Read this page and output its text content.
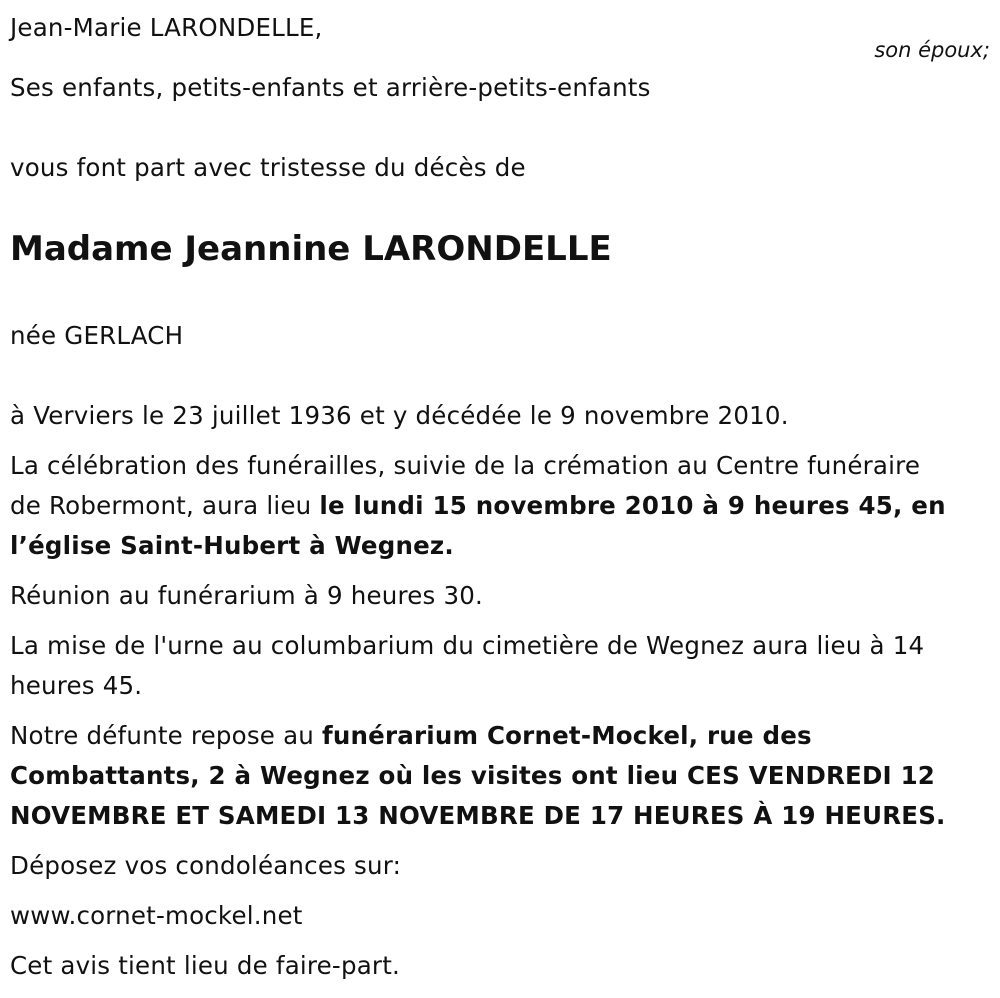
Jean-Marie LARONDELLE,
son époux;
Ses enfants, petits-enfants et arrière-petits-enfants
vous font part avec tristesse du décès de
Madame Jeannine LARONDELLE
née GERLACH
à Verviers le 23 juillet 1936 et y décédée le 9 novembre 2010.
La célébration des funérailles, suivie de la crémation au Centre funéraire
de Robermont, aura lieu le lundi 15 novembre 2010 à 9 heures 45, en
l’église Saint-Hubert à Wegnez.
Réunion au funérarium à 9 heures 30.
La mise de l'urne au columbarium du cimetière de Wegnez aura lieu à 14
heures 45.
Notre défunte repose au funérarium Cornet-Mockel, rue des
Combattants, 2 à Wegnez où les visites ont lieu CES VENDREDI 12
NOVEMBRE ET SAMEDI 13 NOVEMBRE DE 17 HEURES À 19 HEURES.
Déposez vos condoléances sur:
www.cornet-mockel.net
Cet avis tient lieu de faire-part.
